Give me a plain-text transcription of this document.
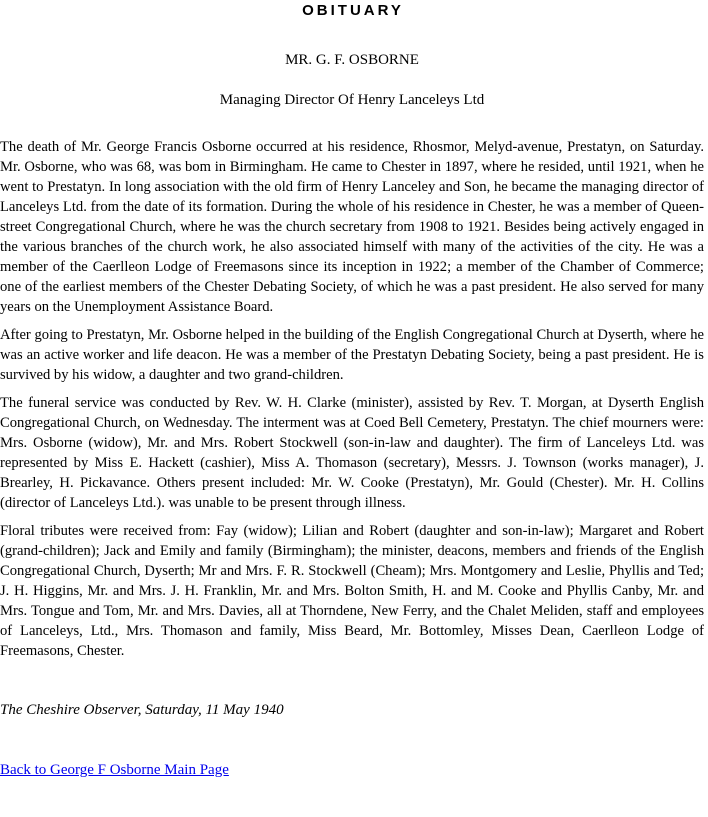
OBITUARY

MR. G. F. OSBORNE

Managing Director Of Henry Lanceleys Ltd

The death of Mr. George Francis Osborne occurred at his residence, Rhosmor, Melyd-avenue, Prestatyn, on Saturday. Mr. Osborne, who was 68, was bom in Birmingham. He came to Chester in 1897, where he resided, until 1921, when he went to Prestatyn. In long association with the old firm of Henry Lanceley and Son, he became the managing director of Lanceleys Ltd. from the date of its formation. During the whole of his residence in Chester, he was a member of Queen-street Congregational Church, where he was the church secretary from 1908 to 1921. Besides being actively engaged in the various branches of the church work, he also associated himself with many of the activities of the city. He was a member of the Caerlleon Lodge of Freemasons since its inception in 1922; a member of the Chamber of Commerce; one of the earliest members of the Chester Debating Society, of which he was a past president. He also served for many years on the Unemployment Assistance Board.

After going to Prestatyn, Mr. Osborne helped in the building of the English Congregational Church at Dyserth, where he was an active worker and life deacon. He was a member of the Prestatyn Debating Society, being a past president. He is survived by his widow, a daughter and two grand-children.

The funeral service was conducted by Rev. W. H. Clarke (minister), assisted by Rev. T. Morgan, at Dyserth English Congregational Church, on Wednesday. The interment was at Coed Bell Cemetery, Prestatyn. The chief mourners were: Mrs. Osborne (widow), Mr. and Mrs. Robert Stockwell (son-in-law and daughter). The firm of Lanceleys Ltd. was represented by Miss E. Hackett (cashier), Miss A. Thomason (secretary), Messrs. J. Townson (works manager), J. Brearley, H. Pickavance. Others present included: Mr. W. Cooke (Prestatyn), Mr. Gould (Chester). Mr. H. Collins (director of Lanceleys Ltd.). was unable to be present through illness.

Floral tributes were received from: Fay (widow); Lilian and Robert (daughter and son-in-law); Margaret and Robert (grand-children); Jack and Emily and family (Birmingham); the minister, deacons, members and friends of the English Congregational Church, Dyserth; Mr and Mrs. F. R. Stockwell (Cheam); Mrs. Montgomery and Leslie, Phyllis and Ted; J. H. Higgins, Mr. and Mrs. J. H. Franklin, Mr. and Mrs. Bolton Smith, H. and M. Cooke and Phyllis Canby, Mr. and Mrs. Tongue and Tom, Mr. and Mrs. Davies, all at Thorndene, New Ferry, and the Chalet Meliden, staff and employees of Lanceleys, Ltd., Mrs. Thomason and family, Miss Beard, Mr. Bottomley, Misses Dean, Caerlleon Lodge of Freemasons, Chester.

The Cheshire Observer, Saturday, 11 May 1940

Back to George F Osborne Main Page
